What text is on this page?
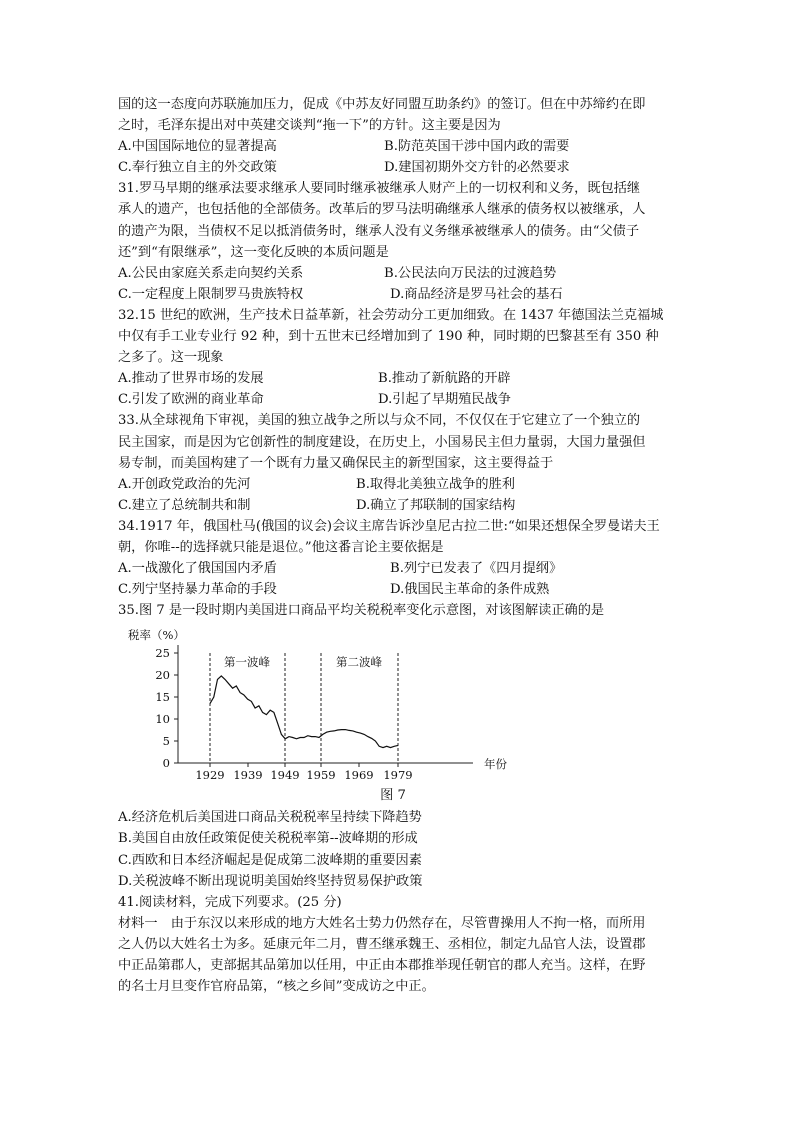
国的这一态度向苏联施加压力，促成《中苏友好同盟互助条约》的签订。但在中苏缔约在即
之时，毛泽东提出对中英建交谈判“拖一下”的方针。这主要是因为
A.中国国际地位的显著提高	B.防范英国干涉中国内政的需要
C.奉行独立自主的外交政策	D.建国初期外交方针的必然要求
31.罗马早期的继承法要求继承人要同时继承被继承人财产上的一切权利和义务，既包括继
承人的遗产，也包括他的全部债务。改革后的罗马法明确继承人继承的债务权以被继承，人
的遗产为限，当债权不足以抵消债务时，继承人没有义务继承被继承人的债务。由“父债子
还”到“有限继承”，这一变化反映的本质问题是
A.公民由家庭关系走向契约关系	B.公民法向万民法的过渡趋势
C.一定程度上限制罗马贵族特权	D.商品经济是罗马社会的基石
32.15 世纪的欧洲，生产技术日益革新，社会劳动分工更加细致。在 1437 年德国法兰克福城
中仅有手工业专业行 92 种，到十五世末已经增加到了 190 种，同时期的巴黎甚至有 350 种
之多了。这一现象
A.推动了世界市场的发展	B.推动了新航路的开辟
C.引发了欧洲的商业革命	D.引起了早期殖民战争
33.从全球视角下审视，美国的独立战争之所以与众不同，不仅仅在于它建立了一个独立的
民主国家，而是因为它创新性的制度建设，在历史上，小国易民主但力量弱，大国力量强但
易专制，而美国构建了一个既有力量又确保民主的新型国家，这主要得益于
A.开创政党政治的先河	B.取得北美独立战争的胜利
C.建立了总统制共和制	D.确立了邦联制的国家结构
34.1917 年，俄国杜马(俄国的议会)会议主席告诉沙皇尼古拉二世:“如果还想保全罗曼诺夫王
朝，你唯--的选择就只能是退位。”他这番言论主要依据是
A.一战激化了俄国国内矛盾	B.列宁已发表了《四月提纲》
C.列宁坚持暴力革命的手段	D.俄国民主革命的条件成熟
35.图 7 是一段时期内美国进口商品平均关税税率变化示意图，对该图解读正确的是
税率（%）
年份
0
5
10
15
20
25
1929 1939 1949 1959 1969 1979
第一波峰	第二波峰
图 7
A.经济危机后美国进口商品关税税率呈持续下降趋势
B.美国自由放任政策促使关税税率第--波峰期的形成
C.西欧和日本经济崛起是促成第二波峰期的重要因素
D.关税波峰不断出现说明美国始终坚持贸易保护政策
41.阅读材料，完成下列要求。(25 分)
材料一　由于东汉以来形成的地方大姓名士势力仍然存在，尽管曹操用人不拘一格，而所用
之人仍以大姓名士为多。延康元年二月，曹丕继承魏王、丞相位，制定九品官人法，设置郡
中正品第郡人，吏部据其品第加以任用，中正由本郡推举现任朝官的郡人充当。这样，在野
的名士月旦变作官府品第，“核之乡间”变成访之中正。
